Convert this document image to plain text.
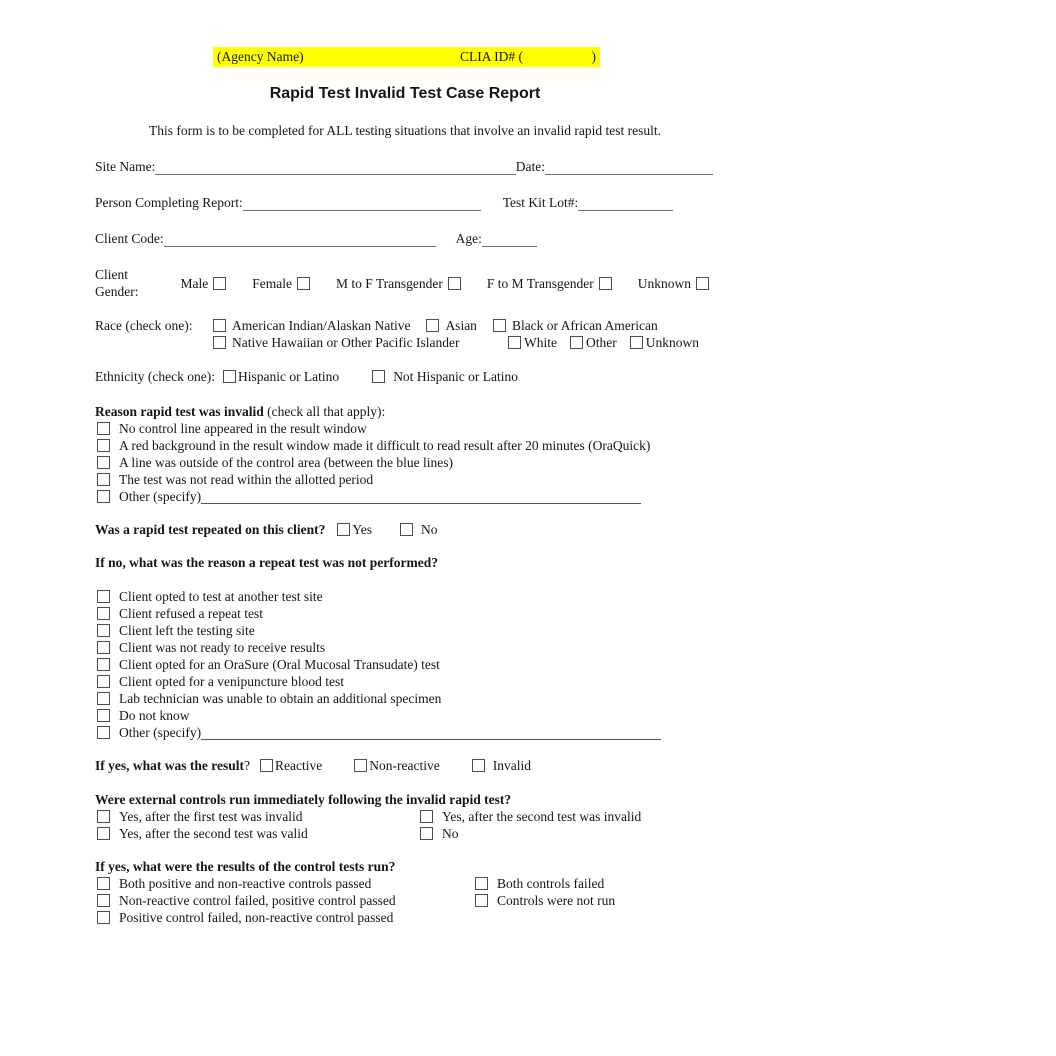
(Agency Name)	CLIA ID# (	)
Rapid Test Invalid Test Case Report
This form is to be completed for ALL testing situations that involve an invalid rapid test result.
Site Name:	Date:
Person Completing Report:	Test Kit Lot#:
Client Code:	Age:
Client Gender:
Male	Female	M to F Transgender	F to M Transgender	Unknown
Race (check one):	American Indian/Alaskan Native	Asian	Black or African American
Native Hawaiian or Other Pacific Islander	White Other Unknown
Ethnicity (check one): Hispanic or Latino	Not Hispanic or Latino
Reason rapid test was invalid (check all that apply):
No control line appeared in the result window
A red background in the result window made it difficult to read result after 20 minutes (OraQuick)
A line was outside of the control area (between the blue lines)
The test was not read within the allotted period
Other (specify)
Was a rapid test repeated on this client? Yes	No
If no, what was the reason a repeat test was not performed?
Client opted to test at another test site
Client refused a repeat test
Client left the testing site
Client was not ready to receive results
Client opted for an OraSure (Oral Mucosal Transudate) test
Client opted for a venipuncture blood test
Lab technician was unable to obtain an additional specimen
Do not know
Other (specify)
If yes, what was the result? Reactive	Non-reactive	Invalid
Were external controls run immediately following the invalid rapid test?
Yes, after the first test was invalid	Yes, after the second test was invalid
Yes, after the second test was valid	No
If yes, what were the results of the control tests run?
Both positive and non-reactive controls passed	Both controls failed
Non-reactive control failed, positive control passed	Controls were not run
Positive control failed, non-reactive control passed
